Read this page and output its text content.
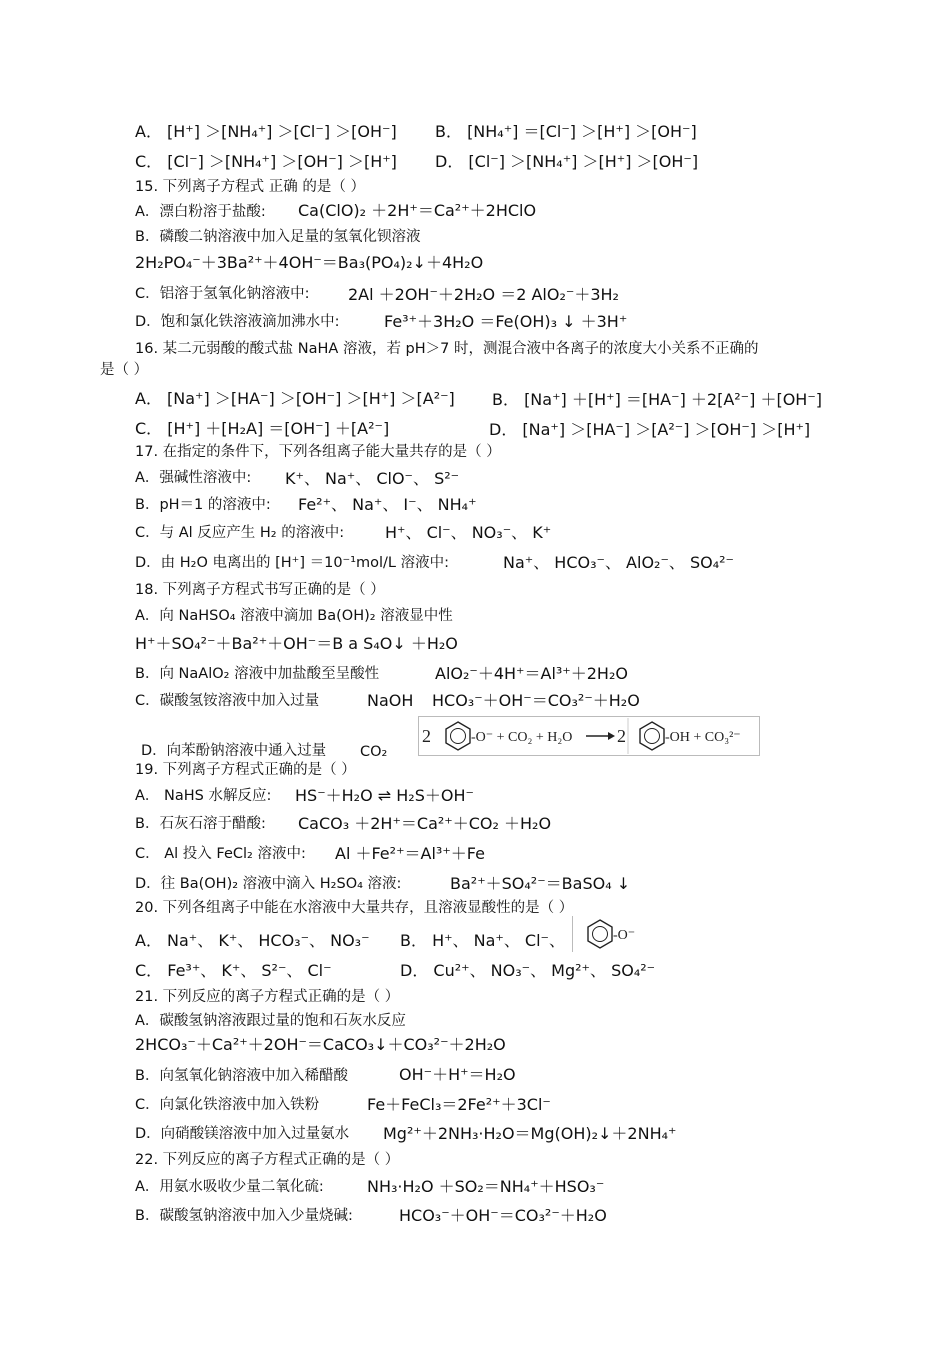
A． [H⁺] ＞[NH₄⁺] ＞[Cl⁻] ＞[OH⁻] B． [NH₄⁺] ＝[Cl⁻] ＞[H⁺] ＞[OH⁻]
C． [Cl⁻] ＞[NH₄⁺] ＞[OH⁻] ＞[H⁺] D． [Cl⁻] ＞[NH₄⁺] ＞[H⁺] ＞[OH⁻]
15. 下列离子方程式 正确 的是（ ）
A．漂白粉溶于盐酸: Ca(ClO)₂ ＋2H⁺＝Ca²⁺＋2HClO
B．磷酸二钠溶液中加入足量的氢氧化钡溶液
2H₂PO₄⁻＋3Ba²⁺＋4OH⁻＝Ba₃(PO₄)₂↓＋4H₂O
C．铝溶于氢氧化钠溶液中: 2Al ＋2OH⁻＋2H₂O ＝2 AlO₂⁻＋3H₂
D．饱和氯化铁溶液滴加沸水中:	Fe³⁺＋3H₂O ＝Fe(OH)₃ ↓ ＋3H⁺
16. 某二元弱酸的酸式盐 NaHA 溶液，若 pH＞7 时，测混合液中各离子的浓度大小关系不正确的
是（ ）
A． [Na⁺] ＞[HA⁻] ＞[OH⁻] ＞[H⁺] ＞[A²⁻] B． [Na⁺] ＋[H⁺] ＝[HA⁻] ＋2[A²⁻] ＋[OH⁻]
C． [H⁺] ＋[H₂A] ＝[OH⁻] ＋[A²⁻]	D． [Na⁺] ＞[HA⁻] ＞[A²⁻] ＞[OH⁻] ＞[H⁺]
17. 在指定的条件下，下列各组离子能大量共存的是（ ）
A．强碱性溶液中: K⁺、 Na⁺、 ClO⁻、 S²⁻
B．pH＝1 的溶液中: Fe²⁺、 Na⁺、 I⁻、 NH₄⁺
C．与 Al 反应产生 H₂ 的溶液中:	H⁺、 Cl⁻、 NO₃⁻、 K⁺
D．由 H₂O 电离出的 [H⁺] ＝10⁻¹mol/L 溶液中:	Na⁺、 HCO₃⁻、 AlO₂⁻、 SO₄²⁻
18. 下列离子方程式书写正确的是（ ）
A．向 NaHSO₄ 溶液中滴加 Ba(OH)₂ 溶液显中性
H⁺＋SO₄²⁻＋Ba²⁺＋OH⁻＝B a S₄O↓ ＋H₂O
B．向 NaAlO₂ 溶液中加盐酸至呈酸性	AlO₂⁻＋4H⁺＝Al³⁺＋2H₂O
C．碳酸氢铵溶液中加入过量	NaOH HCO₃⁻＋OH⁻＝CO₃²⁻＋H₂O
D．向苯酚钠溶液中通入过量 CO₂
2	-O⁻ + CO₂ + H₂O 2	-OH + CO₃²⁻
19. 下列离子方程式正确的是（ ）
A． NaHS 水解反应: HS⁻＋H₂O ⇌ H₂S＋OH⁻
B．石灰石溶于醋酸: CaCO₃ ＋2H⁺＝Ca²⁺＋CO₂ ＋H₂O
C． Al 投入 FeCl₂ 溶液中: Al ＋Fe²⁺＝Al³⁺＋Fe
D．往 Ba(OH)₂ 溶液中滴入 H₂SO₄ 溶液:	Ba²⁺＋SO₄²⁻＝BaSO₄ ↓
20. 下列各组离子中能在水溶液中大量共存，且溶液显酸性的是（ ）
A． Na⁺、 K⁺、 HCO₃⁻、 NO₃⁻ B． H⁺、 Na⁺、 Cl⁻、	-O⁻
C． Fe³⁺、 K⁺、 S²⁻、 Cl⁻	D． Cu²⁺、 NO₃⁻、 Mg²⁺、 SO₄²⁻
21. 下列反应的离子方程式正确的是（ ）
A．碳酸氢钠溶液跟过量的饱和石灰水反应
2HCO₃⁻＋Ca²⁺＋2OH⁻＝CaCO₃↓＋CO₃²⁻＋2H₂O
B．向氢氧化钠溶液中加入稀醋酸	OH⁻＋H⁺＝H₂O
C．向氯化铁溶液中加入铁粉	Fe＋FeCl₃＝2Fe²⁺＋3Cl⁻
D．向硝酸镁溶液中加入过量氨水 Mg²⁺＋2NH₃·H₂O＝Mg(OH)₂↓＋2NH₄⁺
22. 下列反应的离子方程式正确的是（ ）
A．用氨水吸收少量二氧化硫:	NH₃·H₂O ＋SO₂＝NH₄⁺＋HSO₃⁻
B．碳酸氢钠溶液中加入少量烧碱:	HCO₃⁻＋OH⁻＝CO₃²⁻＋H₂O
